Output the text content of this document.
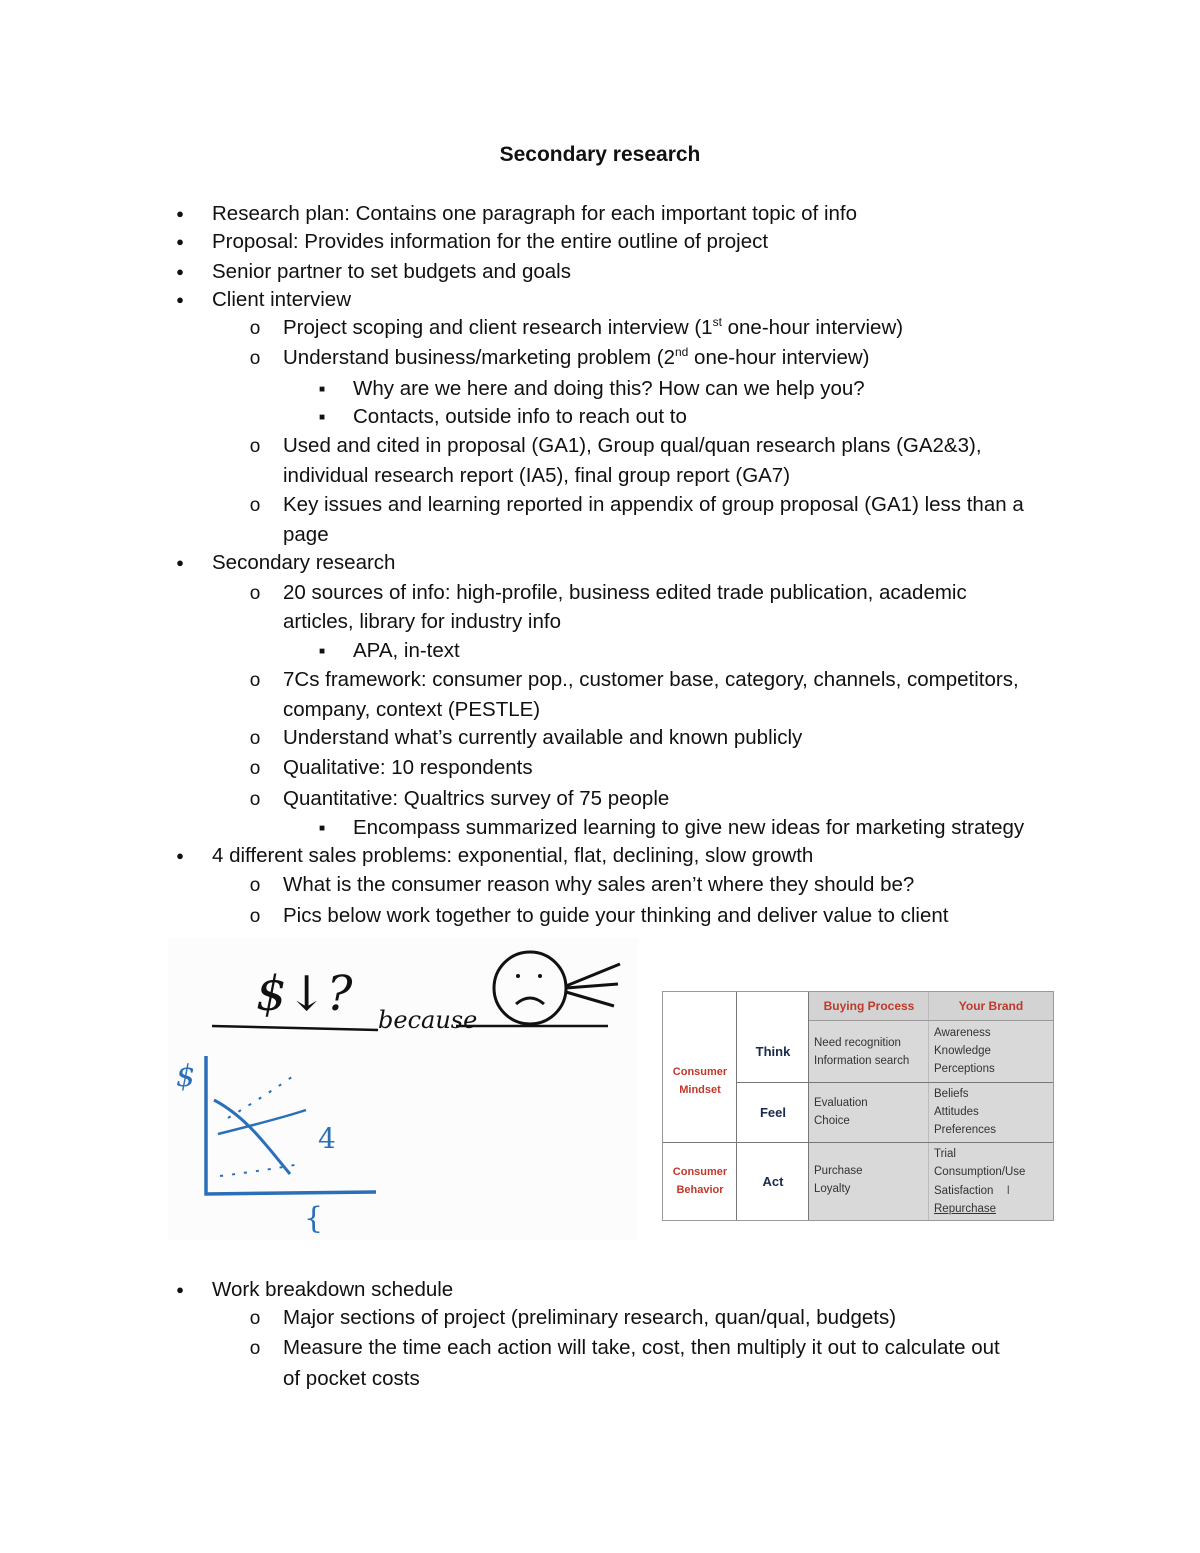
Secondary research
●
Research plan: Contains one paragraph for each important topic of info
●
Proposal: Provides information for the entire outline of project
●
Senior partner to set budgets and goals
●
Client interview
o
Project scoping and client research interview (1st one-hour interview)
o
Understand business/marketing problem (2nd one-hour interview)
■
Why are we here and doing this? How can we help you?
■
Contacts, outside info to reach out to
o
Used and cited in proposal (GA1), Group qual/quan research plans (GA2&3),
individual research report (IA5), final group report (GA7)
o
Key issues and learning reported in appendix of group proposal (GA1) less than a
page
●
Secondary research
o
20 sources of info: high-profile, business edited trade publication, academic
articles, library for industry info
■
APA, in-text
o
7Cs framework: consumer pop., customer base, category, channels, competitors,
company, context (PESTLE)
o
Understand what’s currently available and known publicly
o
Qualitative: 10 respondents
o
Quantitative: Qualtrics survey of 75 people
■
Encompass summarized learning to give new ideas for marketing strategy
●
4 different sales problems: exponential, flat, declining, slow growth
o
What is the consumer reason why sales aren’t where they should be?
o
Pics below work together to guide your thinking and deliver value to client
$↓? because
$
4
{
Buying Process	Your Brand
Consumer Mindset
Consumer Behavior
Think
Feel
Act
Need recognition
Information search
Evaluation
Choice
Purchase
Loyalty
Awareness
Knowledge
Perceptions
Beliefs
Attitudes
Preferences
Trial
Consumption/Use
Satisfaction I
Repurchase
●
Work breakdown schedule
o
Major sections of project (preliminary research, quan/qual, budgets)
o
Measure the time each action will take, cost, then multiply it out to calculate out
of pocket costs
